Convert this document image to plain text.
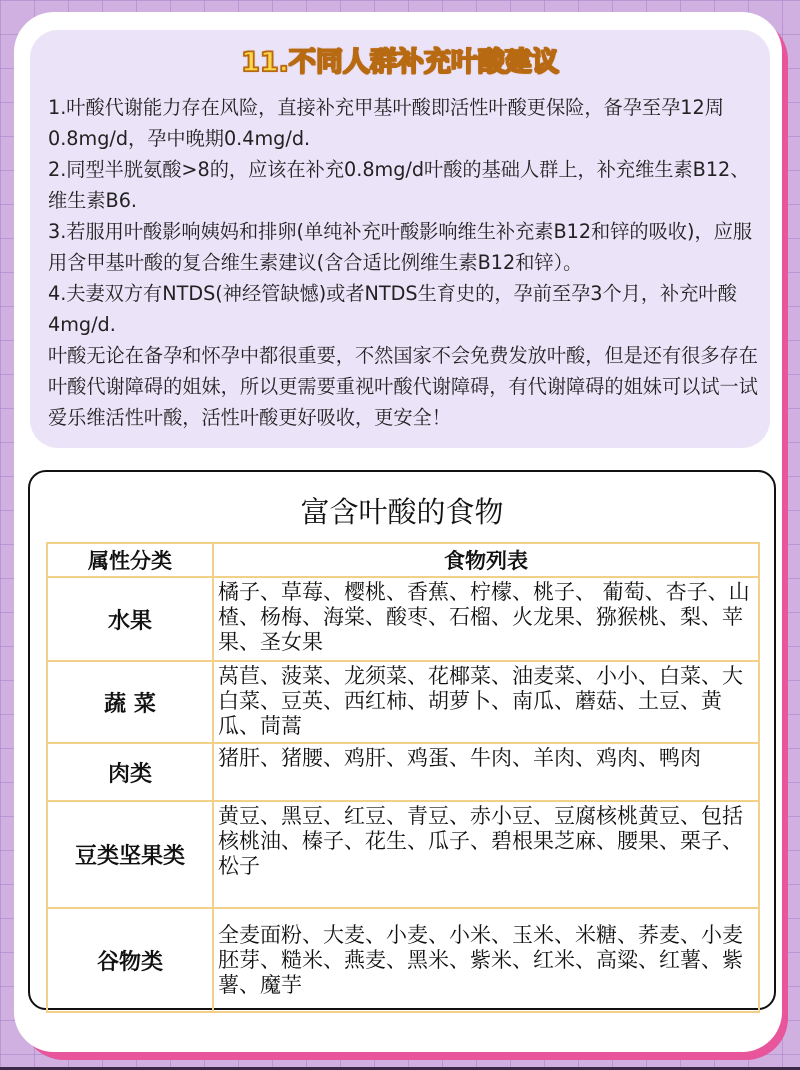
11.不同人群补充叶酸建议

1.叶酸代谢能力存在风险，直接补充甲基叶酸即活性叶酸更保险，备孕至孕12周0.8mg/d，孕中晚期0.4mg/d.

2.同型半胱氨酸>8的，应该在补充0.8mg/d叶酸的基础人群上，补充维生素B12、维生素B6.

3.若服用叶酸影响姨妈和排卵(单纯补充叶酸影响维生补充素B12和锌的吸收)，应服用含甲基叶酸的复合维生素建议(含合适比例维生素B12和锌）。

4.夫妻双方有NTDS(神经管缺憾)或者NTDS生育史的，孕前至孕3个月，补充叶酸4mg/d.

叶酸无论在备孕和怀孕中都很重要，不然国家不会免费发放叶酸，但是还有很多存在叶酸代谢障碍的姐妹，所以更需要重视叶酸代谢障碍，有代谢障碍的姐妹可以试一试爱乐维活性叶酸，活性叶酸更好吸收，更安全！

富含叶酸的食物
属性分类	食物列表
水果	橘子、草莓、樱桃、香蕉、柠檬、桃子、 葡萄、杏子、山楂、杨梅、海棠、酸枣、石榴、火龙果、猕猴桃、梨、苹果、圣女果
蔬 菜	莴苣、菠菜、龙须菜、花椰菜、油麦菜、小小、白菜、大白菜、豆英、西红柿、胡萝卜、南瓜、蘑菇、土豆、黄瓜、茼蒿
肉类	猪肝、猪腰、鸡肝、鸡蛋、牛肉、羊肉、鸡肉、鸭肉
豆类坚果类	黄豆、黑豆、红豆、青豆、赤小豆、豆腐核桃黄豆、包括核桃油、榛子、花生、瓜子、碧根果芝麻、腰果、栗子、松子
谷物类	全麦面粉、大麦、小麦、小米、玉米、米糖、荞麦、小麦胚芽、糙米、燕麦、黑米、紫米、红米、高粱、红薯、紫薯、魔芋
